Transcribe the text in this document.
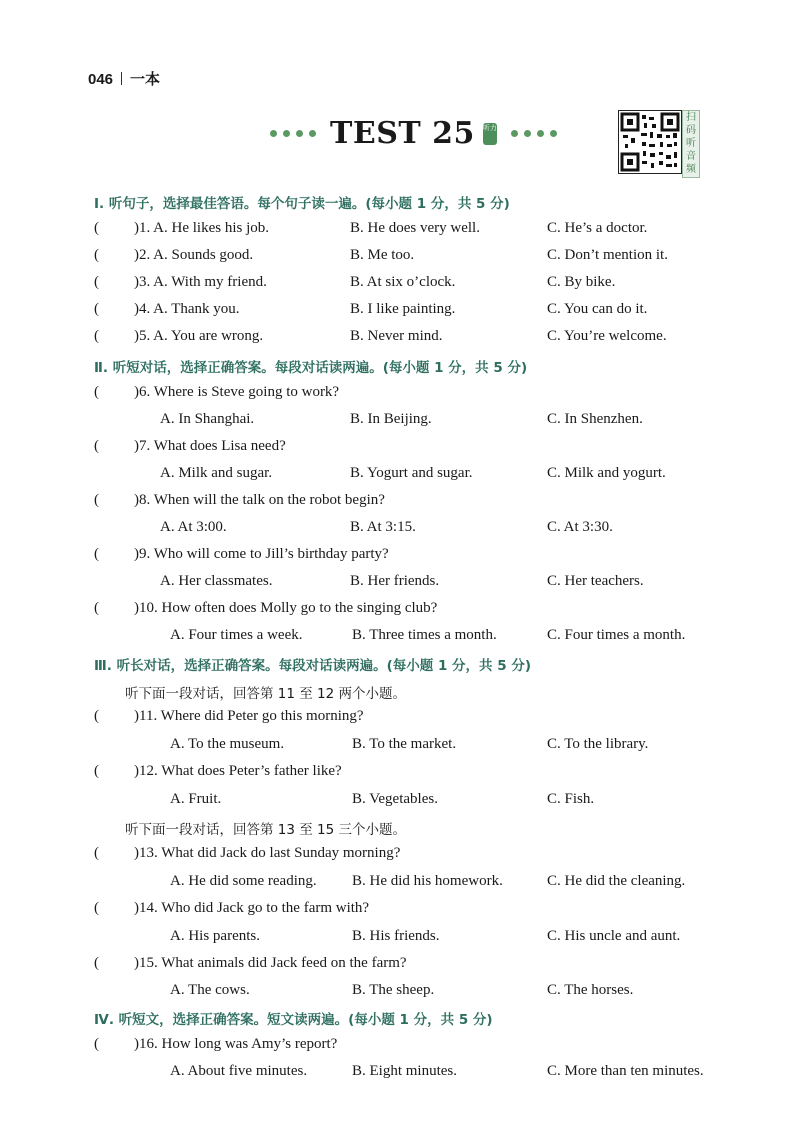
046 一本
TEST 25 听力
扫
码
听
音
频
Ⅰ. 听句子，选择最佳答语。每个句子读一遍。(每小题 1 分，共 5 分)
( )1. A. He likes his job.	B. He does very well.	C. He’s a doctor.
( )2. A. Sounds good.	B. Me too.	C. Don’t mention it.
( )3. A. With my friend.	B. At six o’clock.	C. By bike.
( )4. A. Thank you.	B. I like painting.	C. You can do it.
( )5. A. You are wrong.	B. Never mind.	C. You’re welcome.
Ⅱ. 听短对话，选择正确答案。每段对话读两遍。(每小题 1 分，共 5 分)
( )6. Where is Steve going to work?
A. In Shanghai.	B. In Beijing.	C. In Shenzhen.
( )7. What does Lisa need?
A. Milk and sugar.	B. Yogurt and sugar.	C. Milk and yogurt.
( )8. When will the talk on the robot begin?
A. At 3:00.	B. At 3:15.	C. At 3:30.
( )9. Who will come to Jill’s birthday party?
A. Her classmates.	B. Her friends.	C. Her teachers.
( )10. How often does Molly go to the singing club?
A. Four times a week.	B. Three times a month.	C. Four times a month.
Ⅲ. 听长对话，选择正确答案。每段对话读两遍。(每小题 1 分，共 5 分)
听下面一段对话，回答第 11 至 12 两个小题。
( )11. Where did Peter go this morning?
A. To the museum.	B. To the market.	C. To the library.
( )12. What does Peter’s father like?
A. Fruit.	B. Vegetables.	C. Fish.
听下面一段对话，回答第 13 至 15 三个小题。
( )13. What did Jack do last Sunday morning?
A. He did some reading. B. He did his homework.	C. He did the cleaning.
( )14. Who did Jack go to the farm with?
A. His parents.	B. His friends.	C. His uncle and aunt.
( )15. What animals did Jack feed on the farm?
A. The cows.	B. The sheep.	C. The horses.
Ⅳ. 听短文，选择正确答案。短文读两遍。(每小题 1 分，共 5 分)
( )16. How long was Amy’s report?
A. About five minutes.	B. Eight minutes.	C. More than ten minutes.
